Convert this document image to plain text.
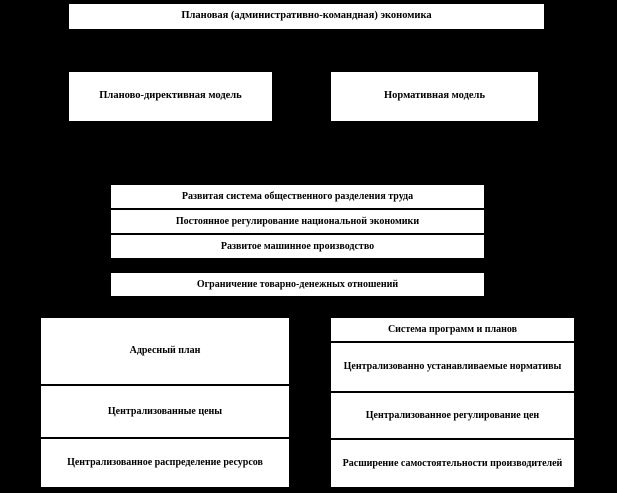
Плановая (административно-командная) экономика
Планово-директивная модель	Нормативная модель
Развитая система общественного разделения труда
Постоянное регулирование национальной экономики
Развитое машинное производство
Ограничение товарно-денежных отношений
Адресный план
Централизованные цены
Централизованное распределение ресурсов
Система программ и планов
Централизованно устанавливаемые нормативы
Централизованное регулирование цен
Расширение самостоятельности производителей
